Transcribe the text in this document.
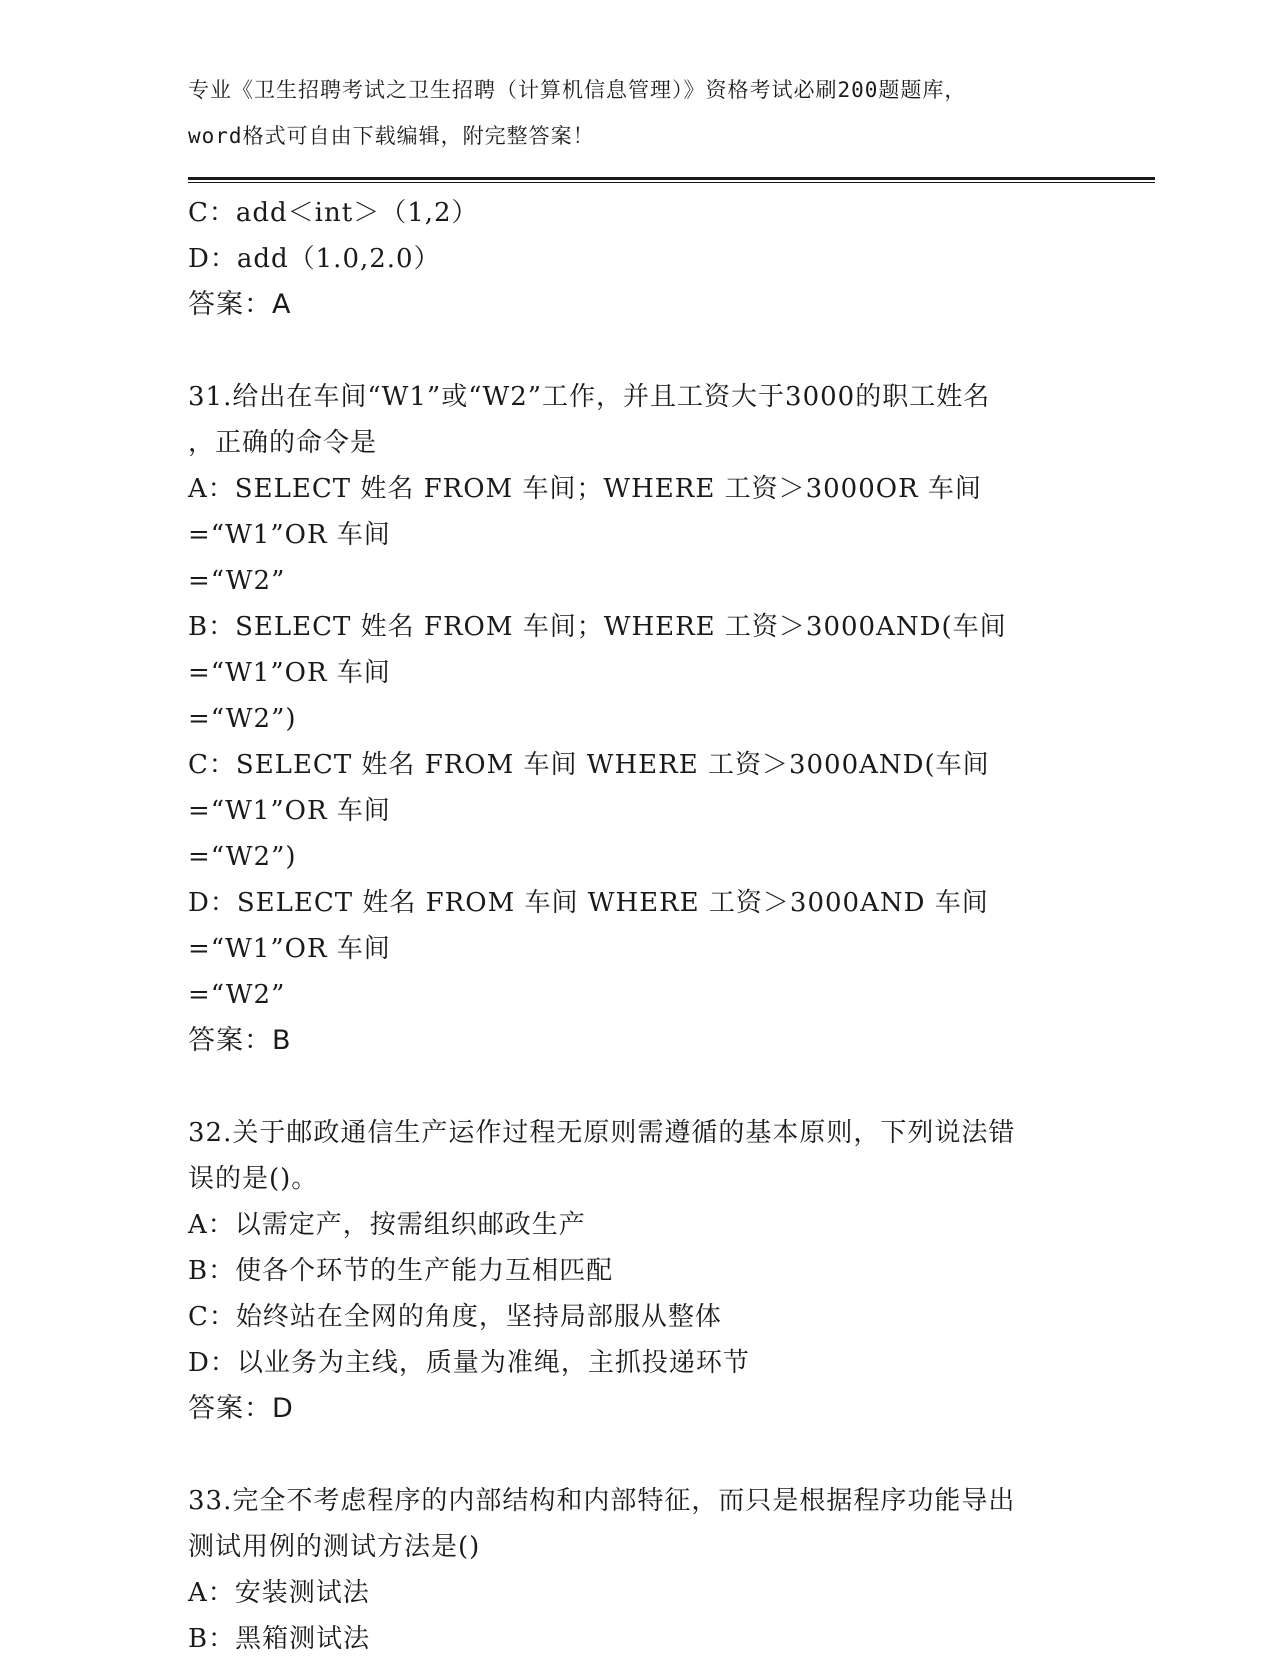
专业《卫生招聘考试之卫生招聘（计算机信息管理）》资格考试必刷200题题库，
word格式可自由下载编辑，附完整答案！
C：add＜int＞（1,2）
D：add（1.0,2.0）
答案：A
31.给出在车间“W1”或“W2”工作，并且工资大于3000的职工姓名
，正确的命令是
A：SELECT 姓名 FROM 车间；WHERE 工资＞3000OR 车间=“W1”OR 车间
=“W2”
B：SELECT 姓名 FROM 车间；WHERE 工资＞3000AND(车间=“W1”OR 车间
=“W2”)
C：SELECT 姓名 FROM 车间 WHERE 工资＞3000AND(车间=“W1”OR 车间
=“W2”)
D：SELECT 姓名 FROM 车间 WHERE 工资＞3000AND 车间=“W1”OR 车间
=“W2”
答案：B
32.关于邮政通信生产运作过程无原则需遵循的基本原则，下列说法错
误的是()。
A：以需定产，按需组织邮政生产
B：使各个环节的生产能力互相匹配
C：始终站在全网的角度，坚持局部服从整体
D：以业务为主线，质量为准绳，主抓投递环节
答案：D
33.完全不考虑程序的内部结构和内部特征，而只是根据程序功能导出
测试用例的测试方法是()
A：安装测试法
B：黑箱测试法
